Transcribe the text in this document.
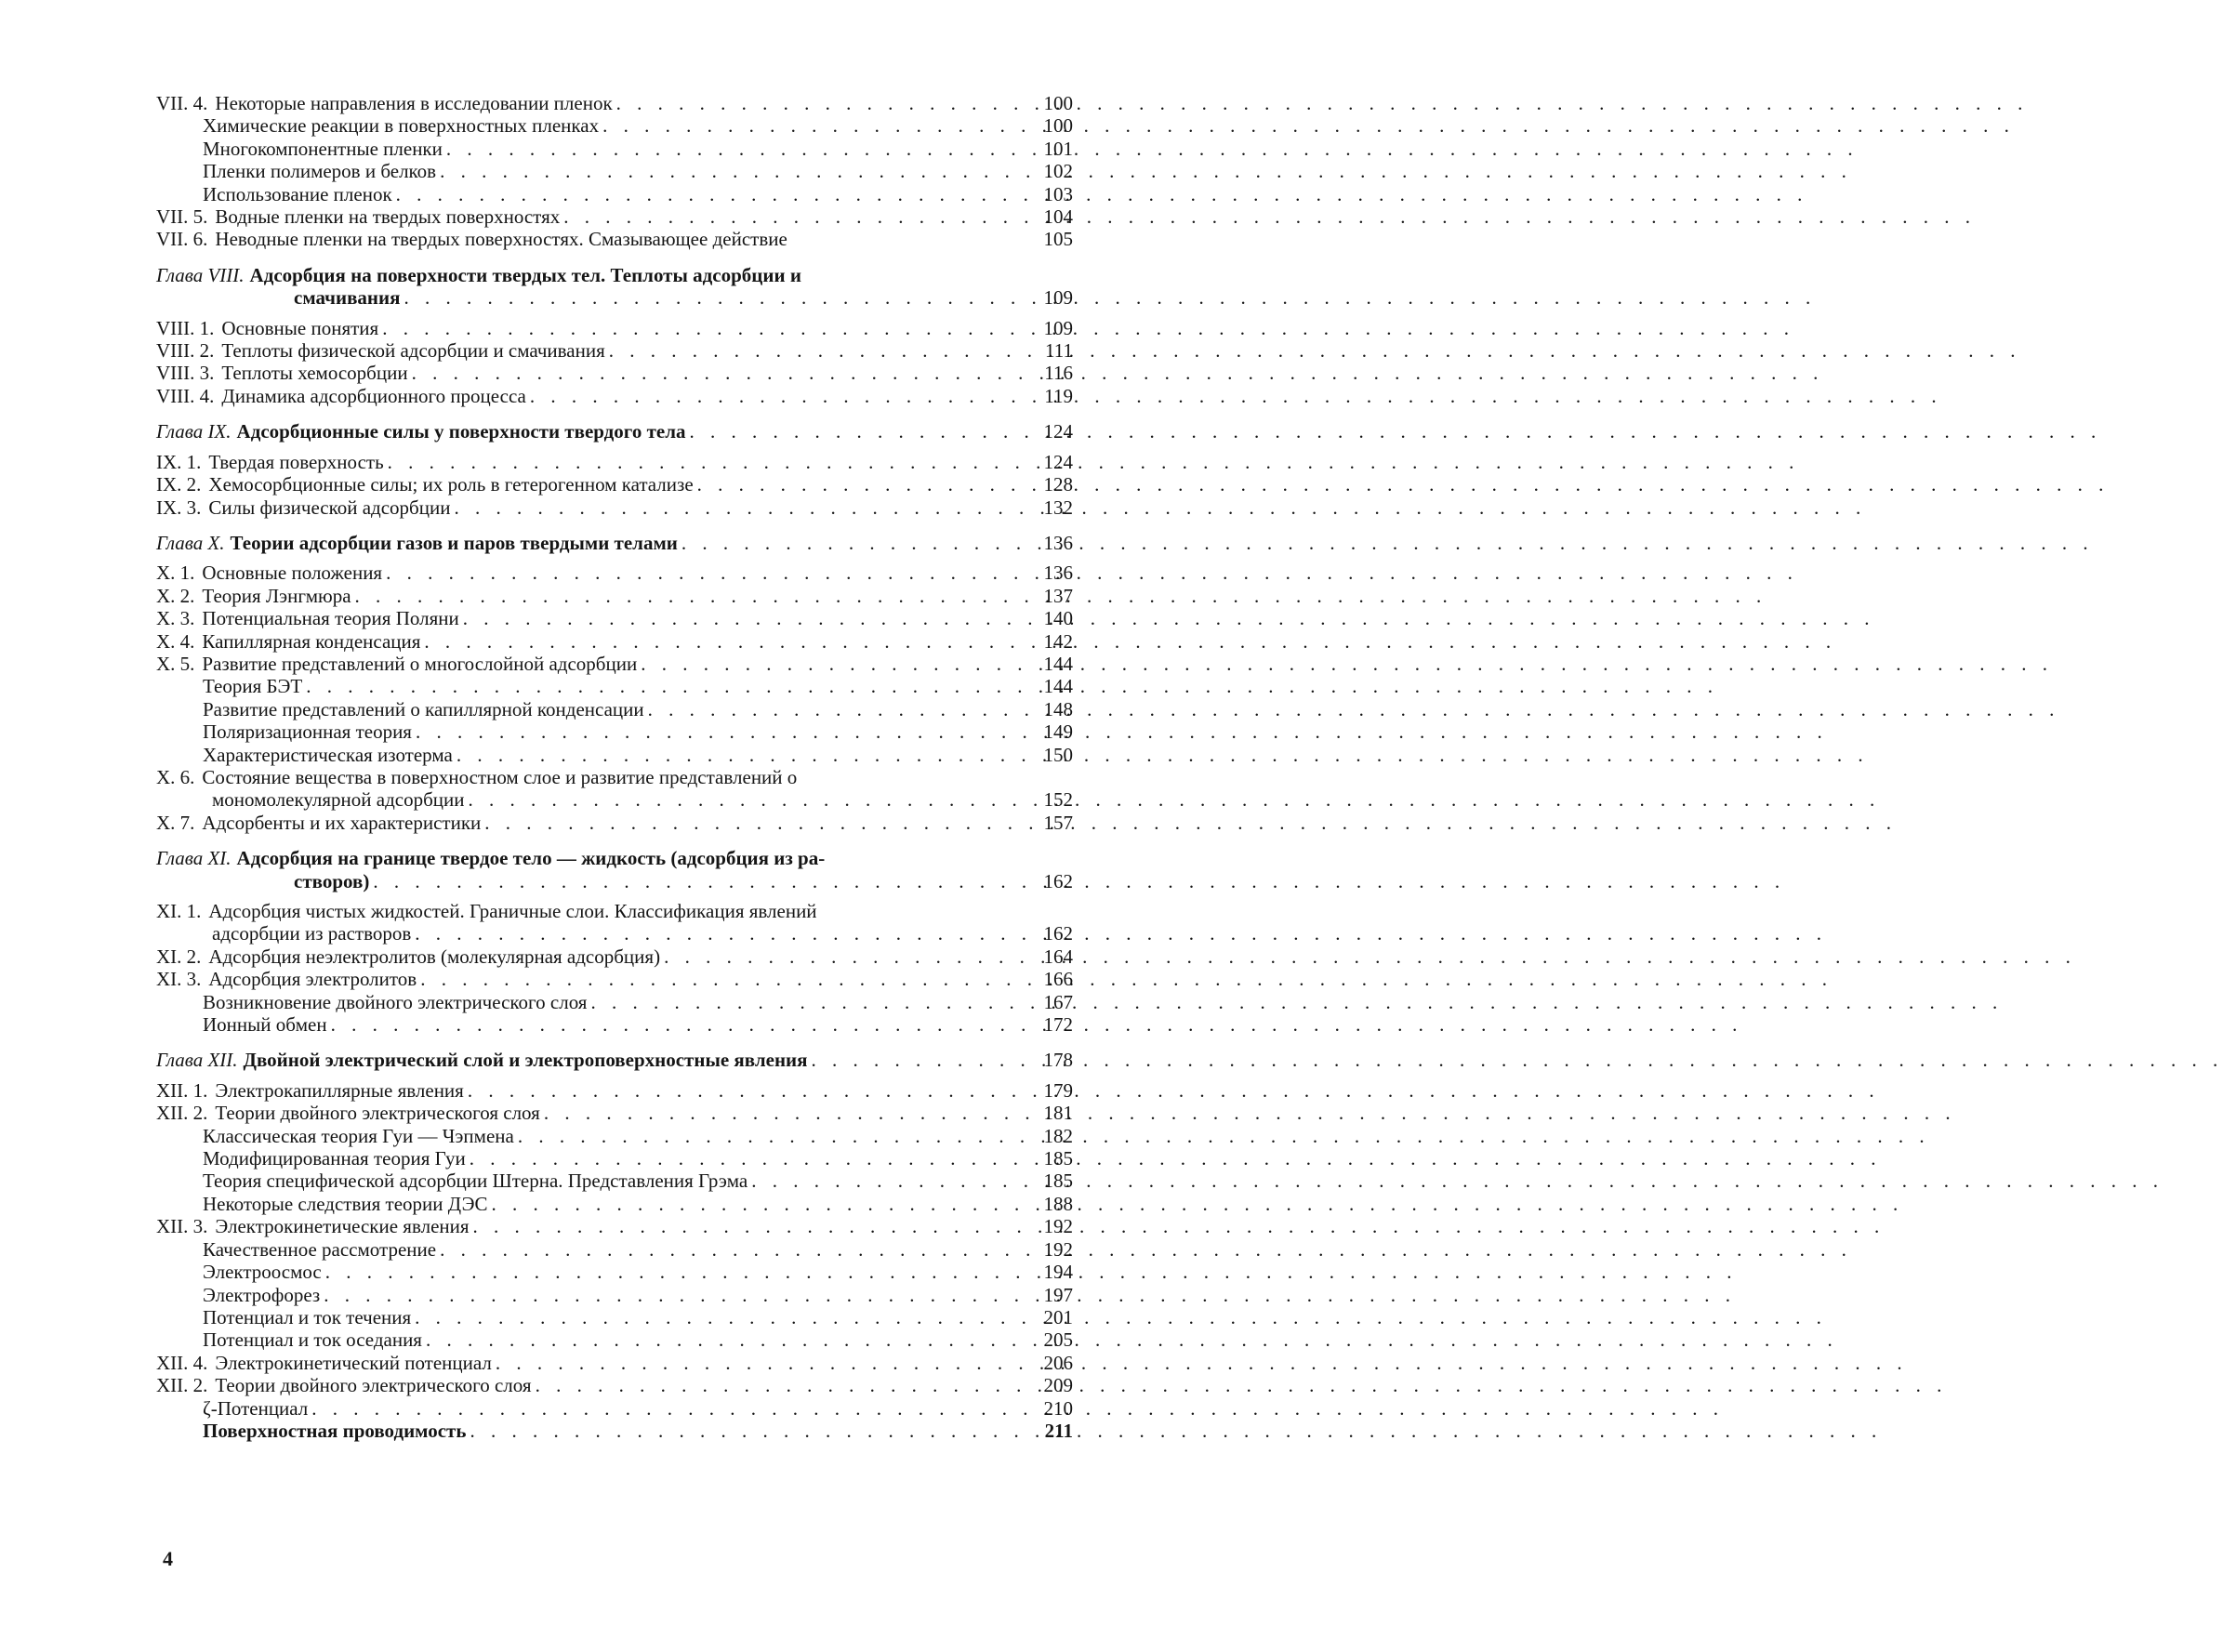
VII. 4. Некоторые направления в исследовании пленок . . .	100
Химические реакции в поверхностных пленках . . .	100
Многокомпонентные пленки . . .	101
Пленки полимеров и белков . . .	102
Использование пленок . . .	103
VII. 5. Водные пленки на твердых поверхностях . . .	104
VII. 6. Неводные пленки на твердых поверхностях. Смазывающее действие	105
Глава VIII. Адсорбция на поверхности твердых тел. Теплоты адсорбции и
смачивания . . .	109
VIII. 1. Основные понятия . . .	109
VIII. 2. Теплоты физической адсорбции и смачивания . . .	111
VIII. 3. Теплоты хемосорбции . . .	116
VIII. 4. Динамика адсорбционного процесса . . .	119
Глава IX. Адсорбционные силы у поверхности твердого тела . . .	124
IX. 1. Твердая поверхность . . .	124
IX. 2. Хемосорбционные силы; их роль в гетерогенном катализе . . .	128
IX. 3. Силы физической адсорбции . . .	132
Глава X. Теории адсорбции газов и паров твердыми телами . . .	136
X. 1. Основные положения . . .	136
X. 2. Теория Лэнгмюра . . .	137
X. 3. Потенциальная теория Поляни . . .	140
X. 4. Капиллярная конденсация . . .	142
X. 5. Развитие представлений о многослойной адсорбции . . .	144
Теория БЭТ . . .	144
Развитие представлений о капиллярной конденсации . . .	148
Поляризационная теория . . .	149
Характеристическая изотерма . . .	150
X. 6. Состояние вещества в поверхностном слое и развитие представлений о
мономолекулярной адсорбции . . .	152
X. 7. Адсорбенты и их характеристики . . .	157
Глава XI. Адсорбция на границе твердое тело — жидкость (адсорбция из ра-
створов) . . .	162
XI. 1. Адсорбция чистых жидкостей. Граничные слои. Классификация явлений
адсорбции из растворов . . .	162
XI. 2. Адсорбция неэлектролитов (молекулярная адсорбция) . . .	164
XI. 3. Адсорбция электролитов . . .	166
Возникновение двойного электрического слоя . . .	167
Ионный обмен . . .	172
Глава XII. Двойной электрический слой и электроповерхностные явления . . .	178
XII. 1. Электрокапиллярные явления . . .	179
XII. 2. Теории двойного электрическогоя слоя . . .	181
Классическая теория Гуи — Чэпмена . . .	182
Модифицированная теория Гуи . . .	185
Теория специфической адсорбции Штерна. Представления Грэма . . .	185
Некоторые следствия теории ДЭС . . .	188
XII. 3. Электрокинетические явления . . .	192
Качественное рассмотрение . . .	192
Электроосмос . . .	194
Электрофорез . . .	197
Потенциал и ток течения . . .	201
Потенциал и ток оседания . . .	205
XII. 4. Электрокинетический потенциал . . .	206
XII. 2. Теории двойного электрического слоя . . .	209
ζ-Потенциал . . .	210
Поверхностная проводимость . . .	211
4
